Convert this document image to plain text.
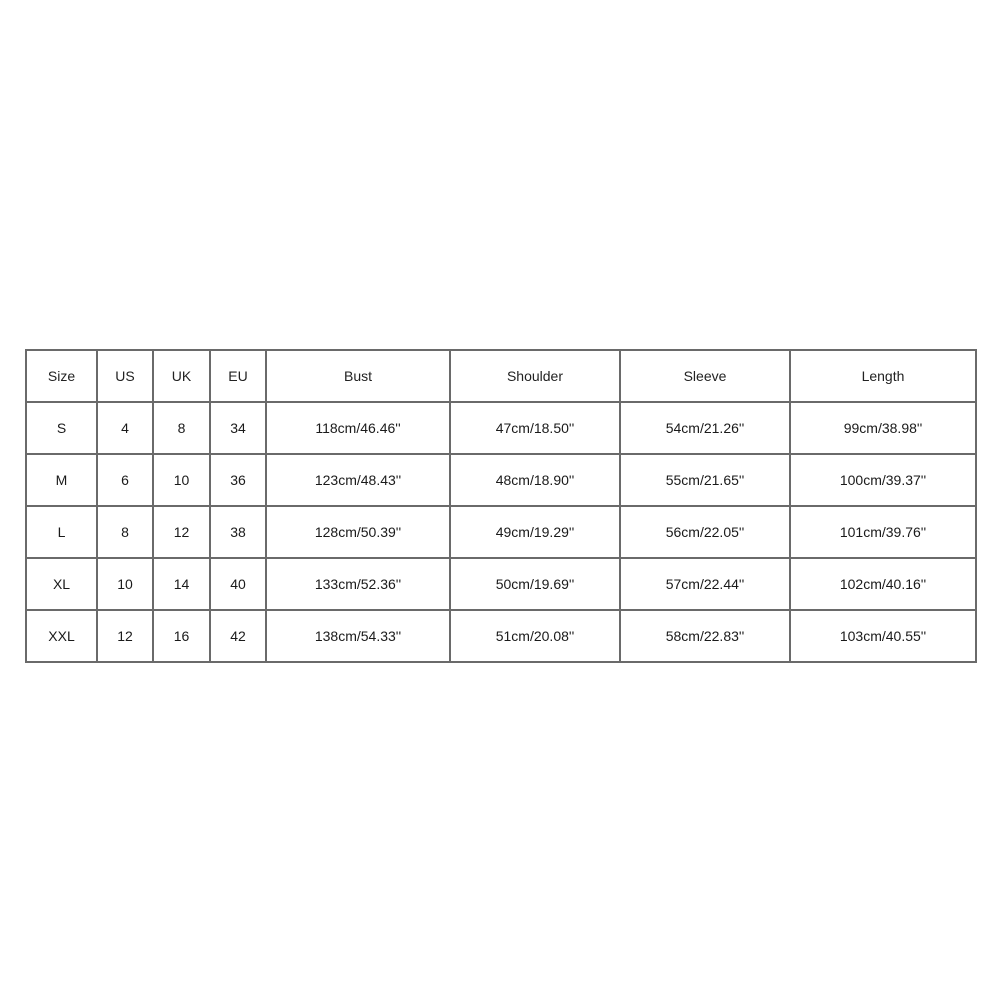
Size	US	UK	EU	Bust	Shoulder	Sleeve	Length
S	4	8	34	118cm/46.46''	47cm/18.50''	54cm/21.26''	99cm/38.98''
M	6	10	36	123cm/48.43''	48cm/18.90''	55cm/21.65''	100cm/39.37''
L	8	12	38	128cm/50.39''	49cm/19.29''	56cm/22.05''	101cm/39.76''
XL	10	14	40	133cm/52.36''	50cm/19.69''	57cm/22.44''	102cm/40.16''
XXL	12	16	42	138cm/54.33''	51cm/20.08''	58cm/22.83''	103cm/40.55''
